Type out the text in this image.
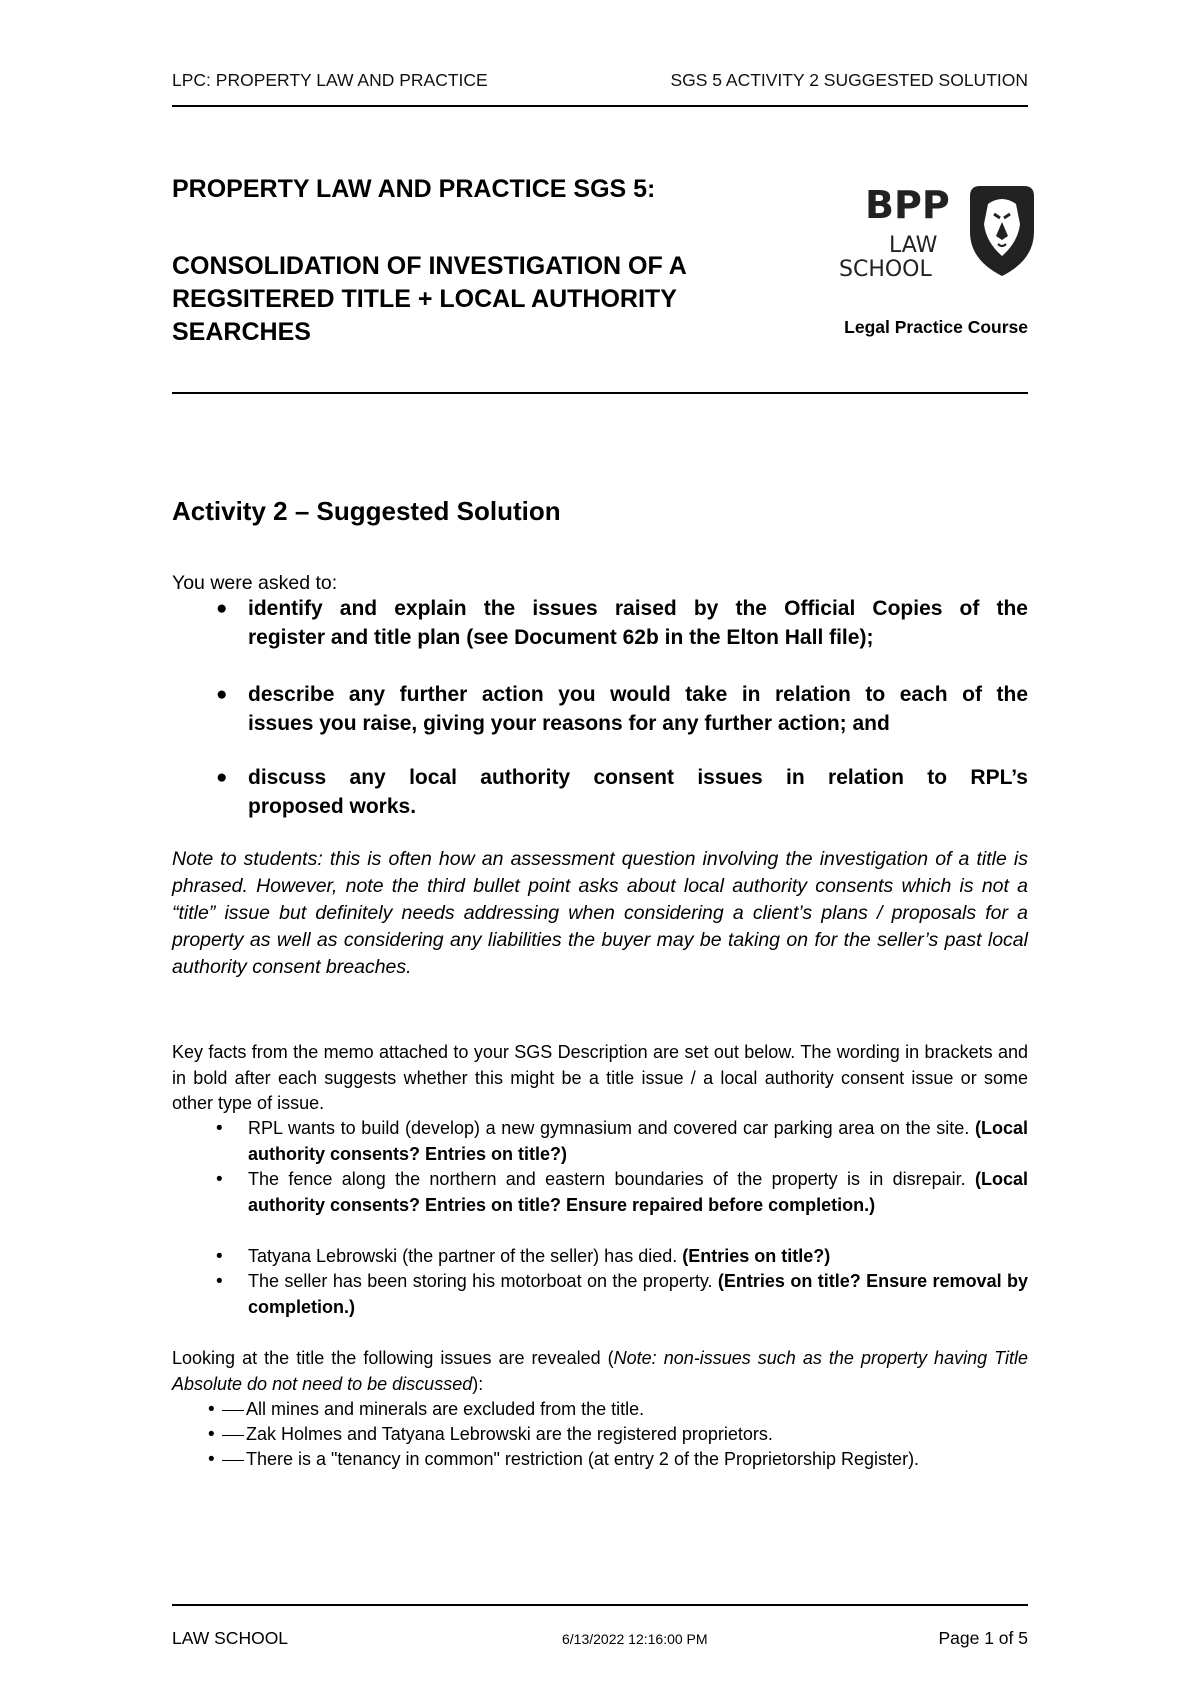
LPC: PROPERTY LAW AND PRACTICE	SGS 5 ACTIVITY 2 SUGGESTED SOLUTION
PROPERTY LAW AND PRACTICE SGS 5:
CONSOLIDATION OF INVESTIGATION OF A
REGSITERED TITLE + LOCAL AUTHORITY
SEARCHES
BPP
LAW
SCHOOL
Legal Practice Course
Activity 2 – Suggested Solution
You were asked to:
● identify and explain the issues raised by the Official Copies of the
register and title plan (see Document 62b in the Elton Hall file);
● describe any further action you would take in relation to each of the
issues you raise, giving your reasons for any further action; and
● discuss any local authority consent issues in relation to RPL’s
proposed works.
Note to students: this is often how an assessment question involving the investigation of a title is phrased. However, note the third bullet point asks about local authority consents which is not a “title” issue but definitely needs addressing when considering a client’s plans / proposals for a property as well as considering any liabilities the buyer may be taking on for the seller’s past local authority consent breaches.
Key facts from the memo attached to your SGS Description are set out below. The wording in brackets and in bold after each suggests whether this might be a title issue / a local authority consent issue or some other type of issue.
• RPL wants to build (develop) a new gymnasium and covered car parking area on the site. (Local authority consents? Entries on title?)
• The fence along the northern and eastern boundaries of the property is in disrepair. (Local authority consents? Entries on title? Ensure repaired before completion.)
• Tatyana Lebrowski (the partner of the seller) has died. (Entries on title?)
• The seller has been storing his motorboat on the property. (Entries on title? Ensure removal by completion.)
Looking at the title the following issues are revealed (Note: non-issues such as the property having Title Absolute do not need to be discussed):
• All mines and minerals are excluded from the title.
• Zak Holmes and Tatyana Lebrowski are the registered proprietors.
• There is a "tenancy in common" restriction (at entry 2 of the Proprietorship Register).
LAW SCHOOL	6/13/2022 12:16:00 PM	Page 1 of 5
